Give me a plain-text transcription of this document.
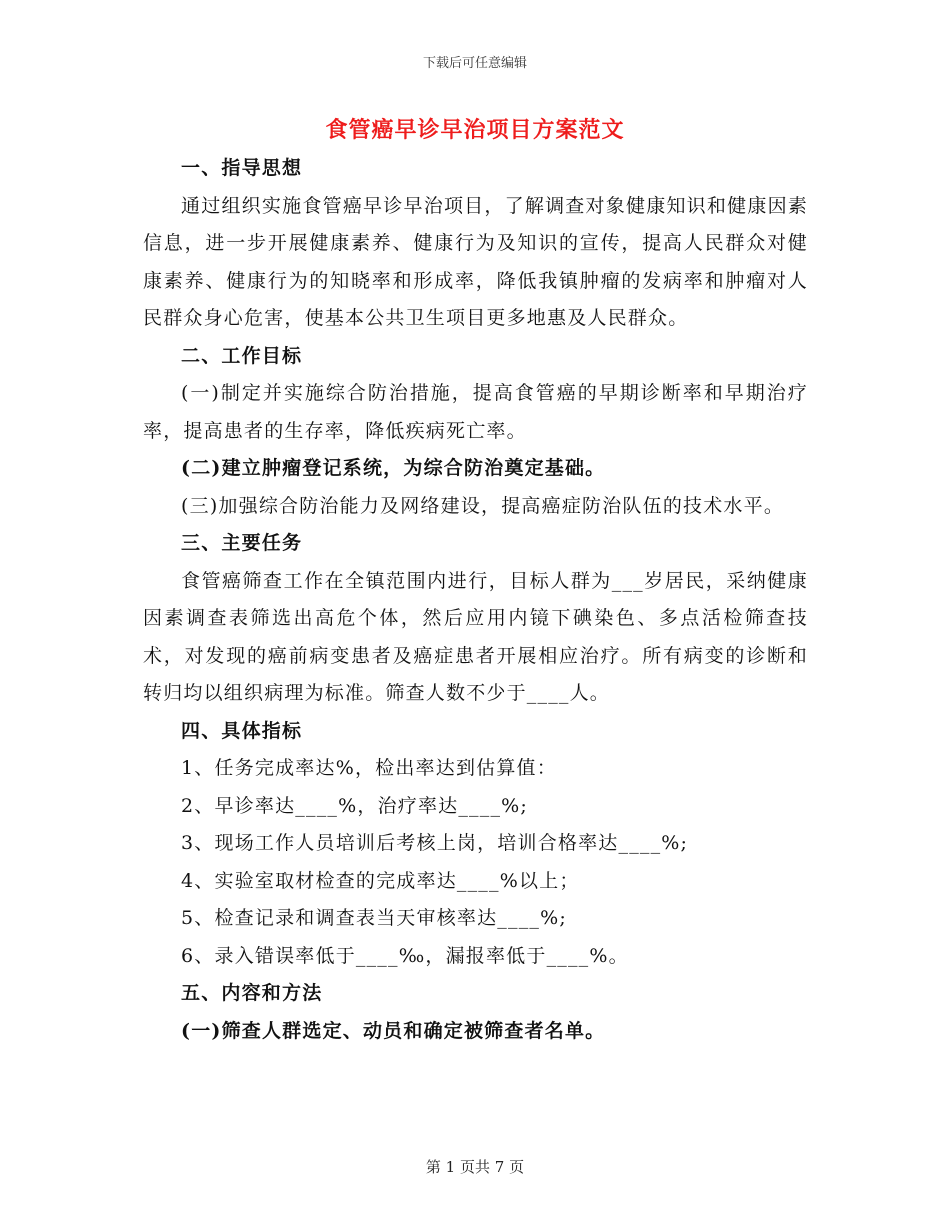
下载后可任意编辑
食管癌早诊早治项目方案范文

一、指导思想

通过组织实施食管癌早诊早治项目，了解调查对象健康知识和健康因素信息，进一步开展健康素养、健康行为及知识的宣传，提高人民群众对健康素养、健康行为的知晓率和形成率，降低我镇肿瘤的发病率和肿瘤对人民群众身心危害，使基本公共卫生项目更多地惠及人民群众。

二、工作目标

(一)制定并实施综合防治措施，提高食管癌的早期诊断率和早期治疗率，提高患者的生存率，降低疾病死亡率。

(二)建立肿瘤登记系统，为综合防治奠定基础。

(三)加强综合防治能力及网络建设，提高癌症防治队伍的技术水平。

三、主要任务

食管癌筛查工作在全镇范围内进行，目标人群为___岁居民，采纳健康因素调查表筛选出高危个体，然后应用内镜下碘染色、多点活检筛查技术，对发现的癌前病变患者及癌症患者开展相应治疗。所有病变的诊断和转归均以组织病理为标准。筛查人数不少于____人。

四、具体指标

1、任务完成率达%，检出率达到估算值：

2、早诊率达____%，治疗率达____%;

3、现场工作人员培训后考核上岗，培训合格率达____%;

4、实验室取材检查的完成率达____%以上；

5、检查记录和调查表当天审核率达____%;

6、录入错误率低于____‰，漏报率低于____%。

五、内容和方法

(一)筛查人群选定、动员和确定被筛查者名单。

第 1 页共 7 页
